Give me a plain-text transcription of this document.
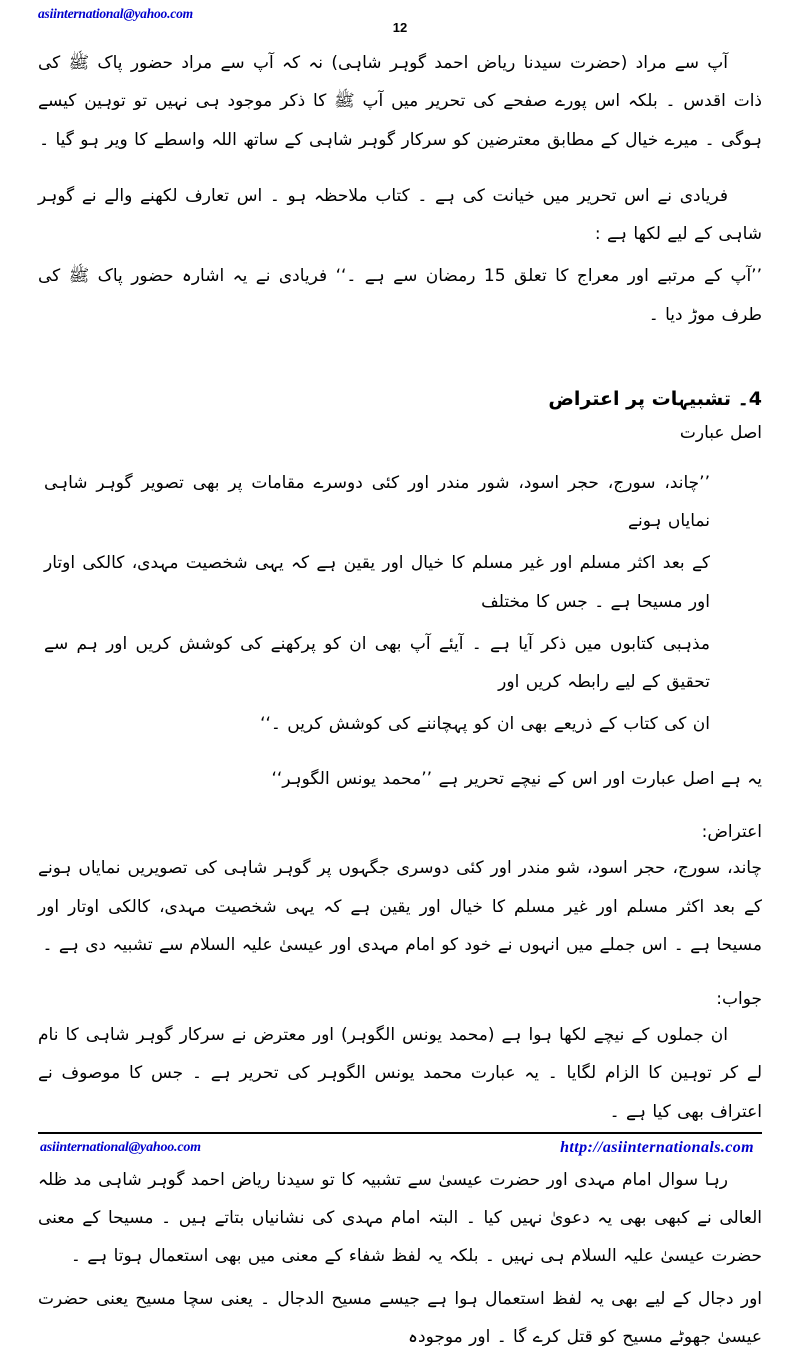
asiinternational@yahoo.com
12

آپ سے مراد (حضرت سیدنا ریاض احمد گوہر شاہی) نہ کہ آپ سے مراد حضور پاک ﷺ کی ذات اقدس ۔ بلکہ اس پورے صفحے کی تحریر میں آپ ﷺ کا ذکر موجود ہی نہیں تو توہین کیسے ہوگی ۔ میرے خیال کے مطابق معترضین کو سرکار گوہر شاہی کے ساتھ اللہ واسطے کا ویر ہو گیا ۔

فریادی نے اس تحریر میں خیانت کی ہے ۔ کتاب ملاحظہ ہو ۔ اس تعارف لکھنے والے نے گوہر شاہی کے لیے لکھا ہے :

’’آپ کے مرتبے اور معراج کا تعلق 15 رمضان سے ہے ۔‘‘ فریادی نے یہ اشارہ حضور پاک ﷺ کی طرف موڑ دیا ۔

4۔ تشبیہات پر اعتراض
اصل عبارت

’’چاند، سورج، حجر اسود، شور مندر اور کئی دوسرے مقامات پر بھی تصویر گوہر شاہی نمایاں ہونے

کے بعد اکثر مسلم اور غیر مسلم کا خیال اور یقین ہے کہ یہی شخصیت مہدی، کالکی اوتار اور مسیحا ہے ۔ جس کا مختلف

مذہبی کتابوں میں ذکر آیا ہے ۔ آیئے آپ بھی ان کو پرکھنے کی کوشش کریں اور ہم سے تحقیق کے لیے رابطہ کریں اور

ان کی کتاب کے ذریعے بھی ان کو پہچاننے کی کوشش کریں ۔‘‘

یہ ہے اصل عبارت اور اس کے نیچے تحریر ہے ’’محمد یونس الگوہر‘‘

اعتراض:

چاند، سورج، حجر اسود، شو مندر اور کئی دوسری جگہوں پر گوہر شاہی کی تصویریں نمایاں ہونے کے بعد اکثر مسلم اور غیر مسلم کا خیال اور یقین ہے کہ یہی شخصیت مہدی، کالکی اوتار اور مسیحا ہے ۔ اس جملے میں انہوں نے خود کو امام مہدی اور عیسیٰ علیہ السلام سے تشبیہ دی ہے ۔

جواب:

ان جملوں کے نیچے لکھا ہوا ہے (محمد یونس الگوہر) اور معترض نے سرکار گوہر شاہی کا نام لے کر توہین کا الزام لگایا ۔ یہ عبارت محمد یونس الگوہر کی تحریر ہے ۔ جس کا موصوف نے اعتراف بھی کیا ہے ۔

رہا سوال امام مہدی اور حضرت عیسیٰ سے تشبیہ کا تو سیدنا ریاض احمد گوہر شاہی مد ظلہ العالی نے کبھی بھی یہ دعویٰ نہیں کیا ۔ البتہ امام مہدی کی نشانیاں بتاتے ہیں ۔ مسیحا کے معنی حضرت عیسیٰ علیہ السلام ہی نہیں ۔ بلکہ یہ لفظ شفاء کے معنی میں بھی استعمال ہوتا ہے ۔

اور دجال کے لیے بھی یہ لفظ استعمال ہوا ہے جیسے مسیح الدجال ۔ یعنی سچا مسیح یعنی حضرت عیسیٰ جھوٹے مسیح کو قتل کرے گا ۔ اور موجودہ

asiinternational@yahoo.com	http://asiinternationals.com
